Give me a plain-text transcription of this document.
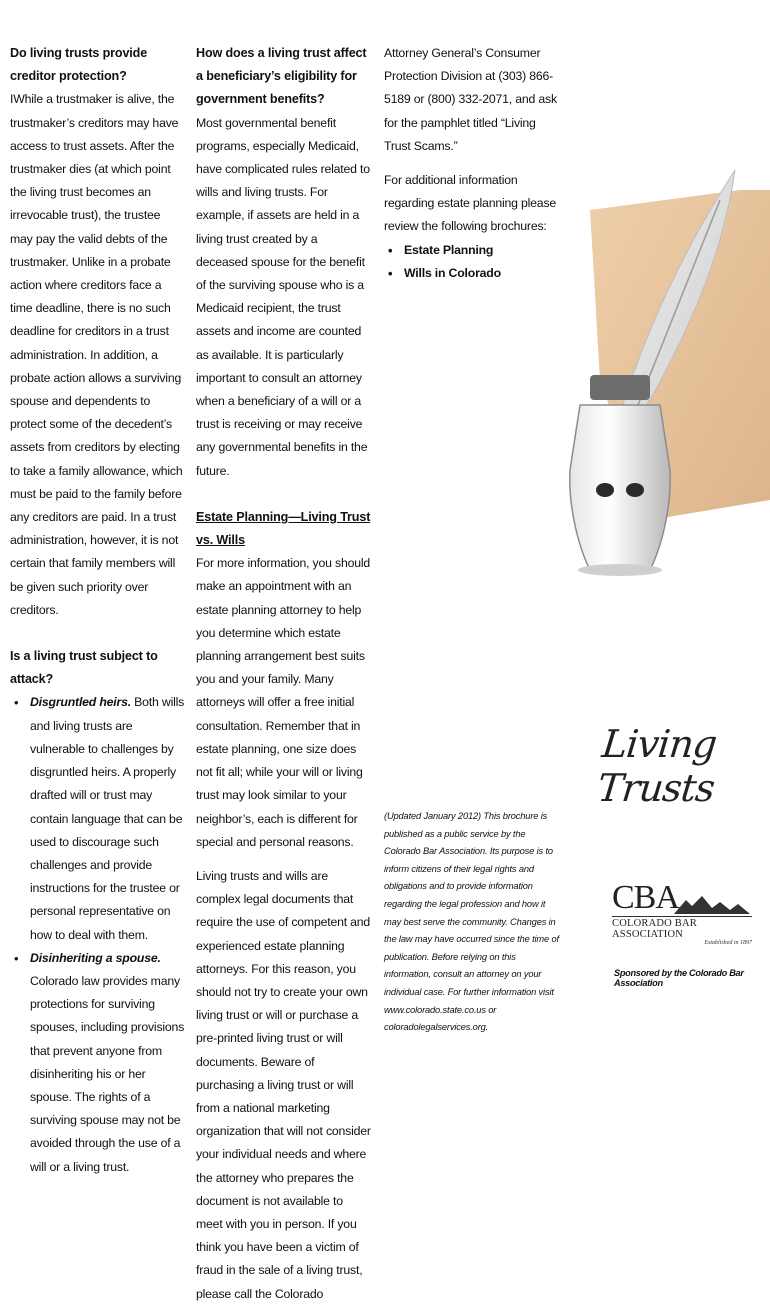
Do living trusts provide creditor protection?

IWhile a trustmaker is alive, the trustmaker’s creditors may have access to trust assets. After the trustmaker dies (at which point the living trust becomes an irrevocable trust), the trustee may pay the valid debts of the trustmaker. Unlike in a probate action where creditors face a time deadline, there is no such deadline for creditors in a trust administration. In addition, a probate action allows a surviving spouse and dependents to protect some of the decedent’s assets from creditors by electing to take a family allowance, which must be paid to the family before any creditors are paid. In a trust administration, however, it is not certain that family members will be given such priority over creditors.

Is a living trust subject to attack?
• Disgruntled heirs. Both wills and living trusts are vulnerable to challenges by disgruntled heirs. A properly drafted will or trust may contain language that can be used to discourage such challenges and provide instructions for the trustee or personal representative on how to deal with them.
• Disinheriting a spouse. Colorado law provides many protections for surviving spouses, including provisions that prevent anyone from disinheriting his or her spouse. The rights of a surviving spouse may not be avoided through the use of a will or a living trust.
How does a living trust affect a beneficiary’s eligibility for government benefits?

Most governmental benefit programs, especially Medicaid, have complicated rules related to wills and living trusts. For example, if assets are held in a living trust created by a deceased spouse for the benefit of the surviving spouse who is a Medicaid recipient, the trust assets and income are counted as available. It is particularly important to consult an attorney when a beneficiary of a will or a trust is receiving or may receive any governmental benefits in the future.

Estate Planning—Living Trust vs. Wills

For more information, you should make an appointment with an estate planning attorney to help you determine which estate planning arrangement best suits you and your family. Many attorneys will offer a free initial consultation. Remember that in estate planning, one size does not fit all; while your will or living trust may look similar to your neighbor’s, each is different for special and personal reasons.

Living trusts and wills are complex legal documents that require the use of competent and experienced estate planning attorneys. For this reason, you should not try to create your own living trust or will or purchase a pre-printed living trust or will documents. Beware of purchasing a living trust or will from a national marketing organization that will not consider your individual needs and where the attorney who prepares the document is not available to meet with you in person. If you think you have been a victim of fraud in the sale of a living trust, please call the Colorado

Attorney General’s Consumer Protection Division at (303) 866-5189 or (800) 332-2071, and ask for the pamphlet titled “Living Trust Scams.”

For additional information regarding estate planning please review the following brochures:

• Estate Planning
• Wills in Colorado
Living Trusts
(Updated January 2012) This brochure is published as a public service by the Colorado Bar Association. Its purpose is to inform citizens of their legal rights and obligations and to provide information regarding the legal profession and how it may best serve the community. Changes in the law may have occurred since the time of publication. Before relying on this information, consult an attorney on your individual case. For further information visit www.colorado.state.co.us or coloradolegalservices.org.
CBA
COLORADO BAR ASSOCIATION
Established in 1897
Sponsored by the Colorado Bar Association
